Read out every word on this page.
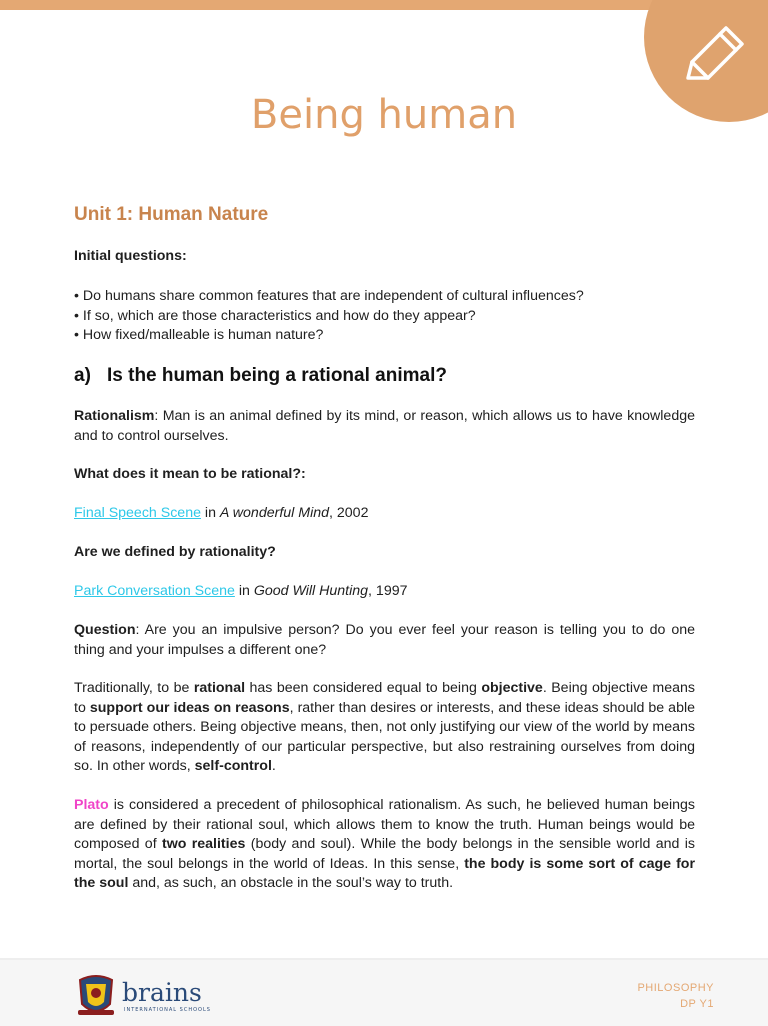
Being human
Unit 1: Human Nature
Initial questions:
• Do humans share common features that are independent of cultural influences?
• If so, which are those characteristics and how do they appear?
• How fixed/malleable is human nature?
a) Is the human being a rational animal?

Rationalism: Man is an animal defined by its mind, or reason, which allows us to have knowledge and to control ourselves.

What does it mean to be rational?:
Final Speech Scene in A wonderful Mind, 2002
Are we defined by rationality?
Park Conversation Scene in Good Will Hunting, 1997

Question: Are you an impulsive person? Do you ever feel your reason is telling you to do one thing and your impulses a different one?

Traditionally, to be rational has been considered equal to being objective. Being objective means to support our ideas on reasons, rather than desires or interests, and these ideas should be able to persuade others. Being objective means, then, not only justifying our view of the world by means of reasons, independently of our particular perspective, but also restraining ourselves from doing so. In other words, self-control.

Plato is considered a precedent of philosophical rationalism. As such, he believed human beings are defined by their rational soul, which allows them to know the truth. Human beings would be composed of two realities (body and soul). While the body belongs in the sensible world and is mortal, the soul belongs in the world of Ideas. In this sense, the body is some sort of cage for the soul and, as such, an obstacle in the soul’s way to truth.

brains
INTERNATIONAL SCHOOLS
PHILOSOPHY
DP Y1
